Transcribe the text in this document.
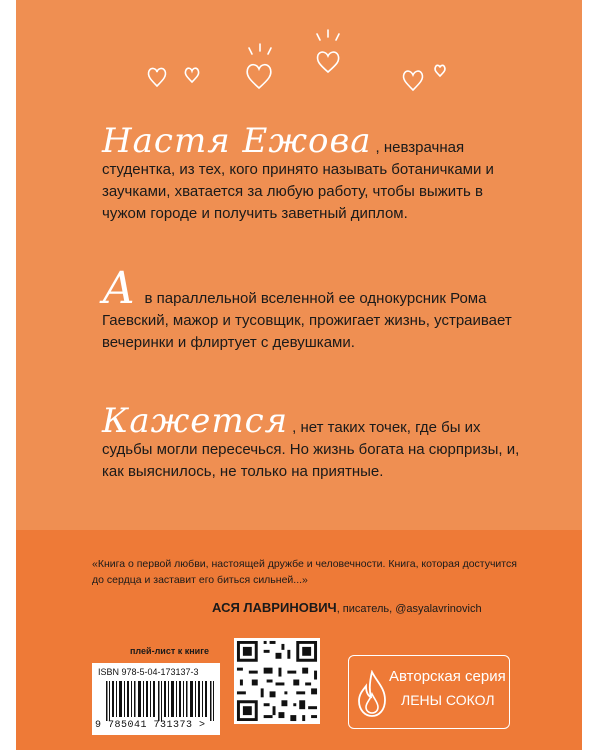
Настя Ежова , невзрачная студентка, из тех, кого принято называть ботаничками и заучками, хватается за любую работу, чтобы выжить в чужом городе и получить заветный диплом.
А в параллельной вселенной ее однокурсник Рома Гаевский, мажор и тусовщик, прожигает жизнь, устраивает вечеринки и флиртует с девушками.
Кажется , нет таких точек, где бы их судьбы могли пересечься. Но жизнь богата на сюрпризы, и, как выяснилось, не только на приятные.
«Книга о первой любви, настоящей дружбе и человечности. Книга, которая достучится до сердца и заставит его биться сильней...»
АСЯ ЛАВРИНОВИЧ, писатель, @asyalavrinovich
плей-лист к книге
ISBN 978-5-04-173137-3
9 785041 731373 >
Авторская серия
ЛЕНЫ СОКОЛ
